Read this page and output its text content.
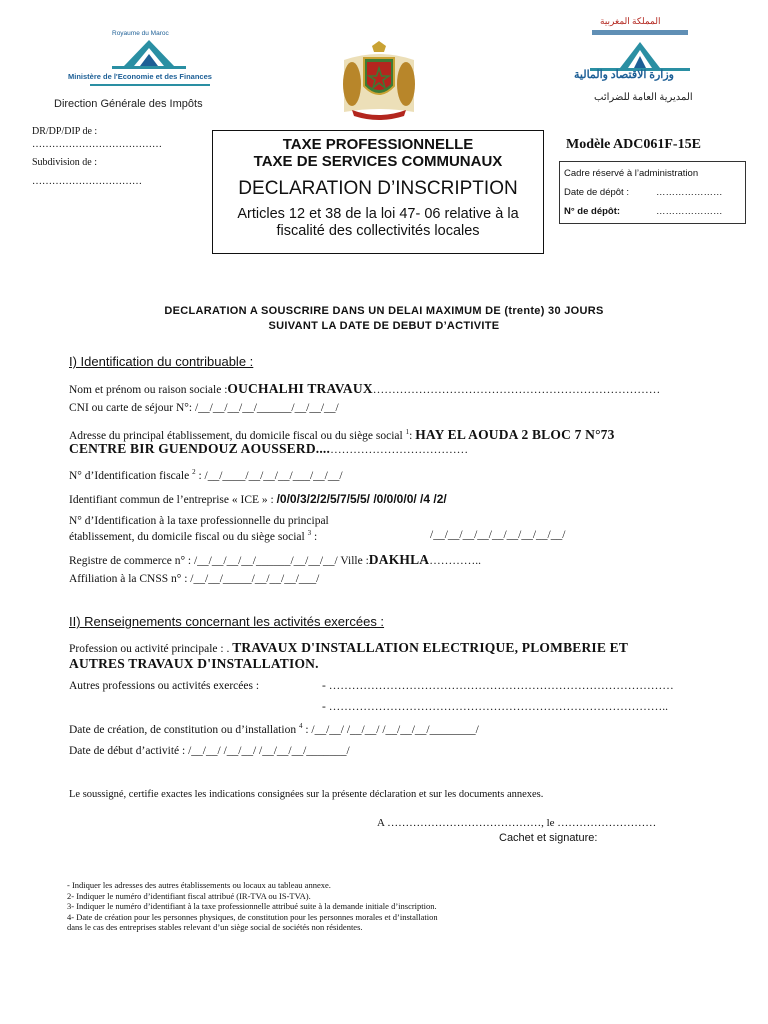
Royaume du Maroc
Ministère de l'Economie et des Finances
Direction Générale des Impôts
المملكة المغربية
وزارة الاقتصاد والمالية
المديرية العامة للضرائب
DR/DP/DIP de :
…………………………………
Subdivision de :
……………………………
TAXE PROFESSIONNELLE
TAXE DE SERVICES COMMUNAUX
DECLARATION D’INSCRIPTION
Articles 12 et 38 de la loi 47- 06 relative à la fiscalité des collectivités locales
Modèle ADC061F-15E
Cadre réservé à l’administration
Date de dépôt :	…………………
N° de dépôt:	…………………
DECLARATION A SOUSCRIRE DANS UN DELAI MAXIMUM DE (trente) 30 JOURS
SUIVANT LA DATE DE DEBUT D’ACTIVITE
I) Identification du contribuable :
Nom et prénom ou raison sociale :OUCHALHI TRAVAUX…………………………………………………………………
CNI ou carte de séjour N°: /__/__/__/__/______/__/__/__/
Adresse du principal établissement, du domicile fiscal ou du siège social $^1$: HAY EL AOUDA 2 BLOC 7 N°73
CENTRE BIR GUENDOUZ AOUSSERD....………………………………
N° d’Identification fiscale $^2$ : /__/____/__/__/__/___/__/__/
Identifiant commun de l’entreprise « ICE » : /0/0/3/2/2/5/7/5/5/ /0/0/0/0/ /4 /2/
N° d’Identification à la taxe professionnelle du principal
établissement, du domicile fiscal ou du siège social $^3$ :	/__/__/__/__/__/__/__/__/__/
Registre de commerce n° : /__/__/__/__/______/__/__/__/ Ville :DAKHLA…………..
Affiliation à la CNSS n° : /__/__/_____/__/__/__/___/
II) Renseignements concernant les activités exercées :
Profession ou activité principale : . TRAVAUX D'INSTALLATION ELECTRIQUE, PLOMBERIE ET
AUTRES TRAVAUX D'INSTALLATION.
Autres professions ou activités exercées :	- ………………………………………………………………………………
- ……………………………………………………………………………..
Date de création, de constitution ou d’installation $^4$ : /__/__/ /__/__/ /__/__/__/________/
Date de début d’activité : /__/__/ /__/__/ /__/__/__/_______/
Le soussigné, certifie exactes les indications consignées sur la présente déclaration et sur les documents annexes.
A ……………………………………, le ………………………
Cachet et signature:
- Indiquer les adresses des autres établissements ou locaux au tableau annexe.
2- Indiquer le numéro d’identifiant fiscal attribué (IR-TVA ou IS-TVA).
3- Indiquer le numéro d’identifiant à la taxe professionnelle attribué suite à la demande initiale d’inscription.
4- Date de création pour les personnes physiques, de constitution pour les personnes morales et d’installation
dans le cas des entreprises stables relevant d’un siège social de sociétés non résidentes.
